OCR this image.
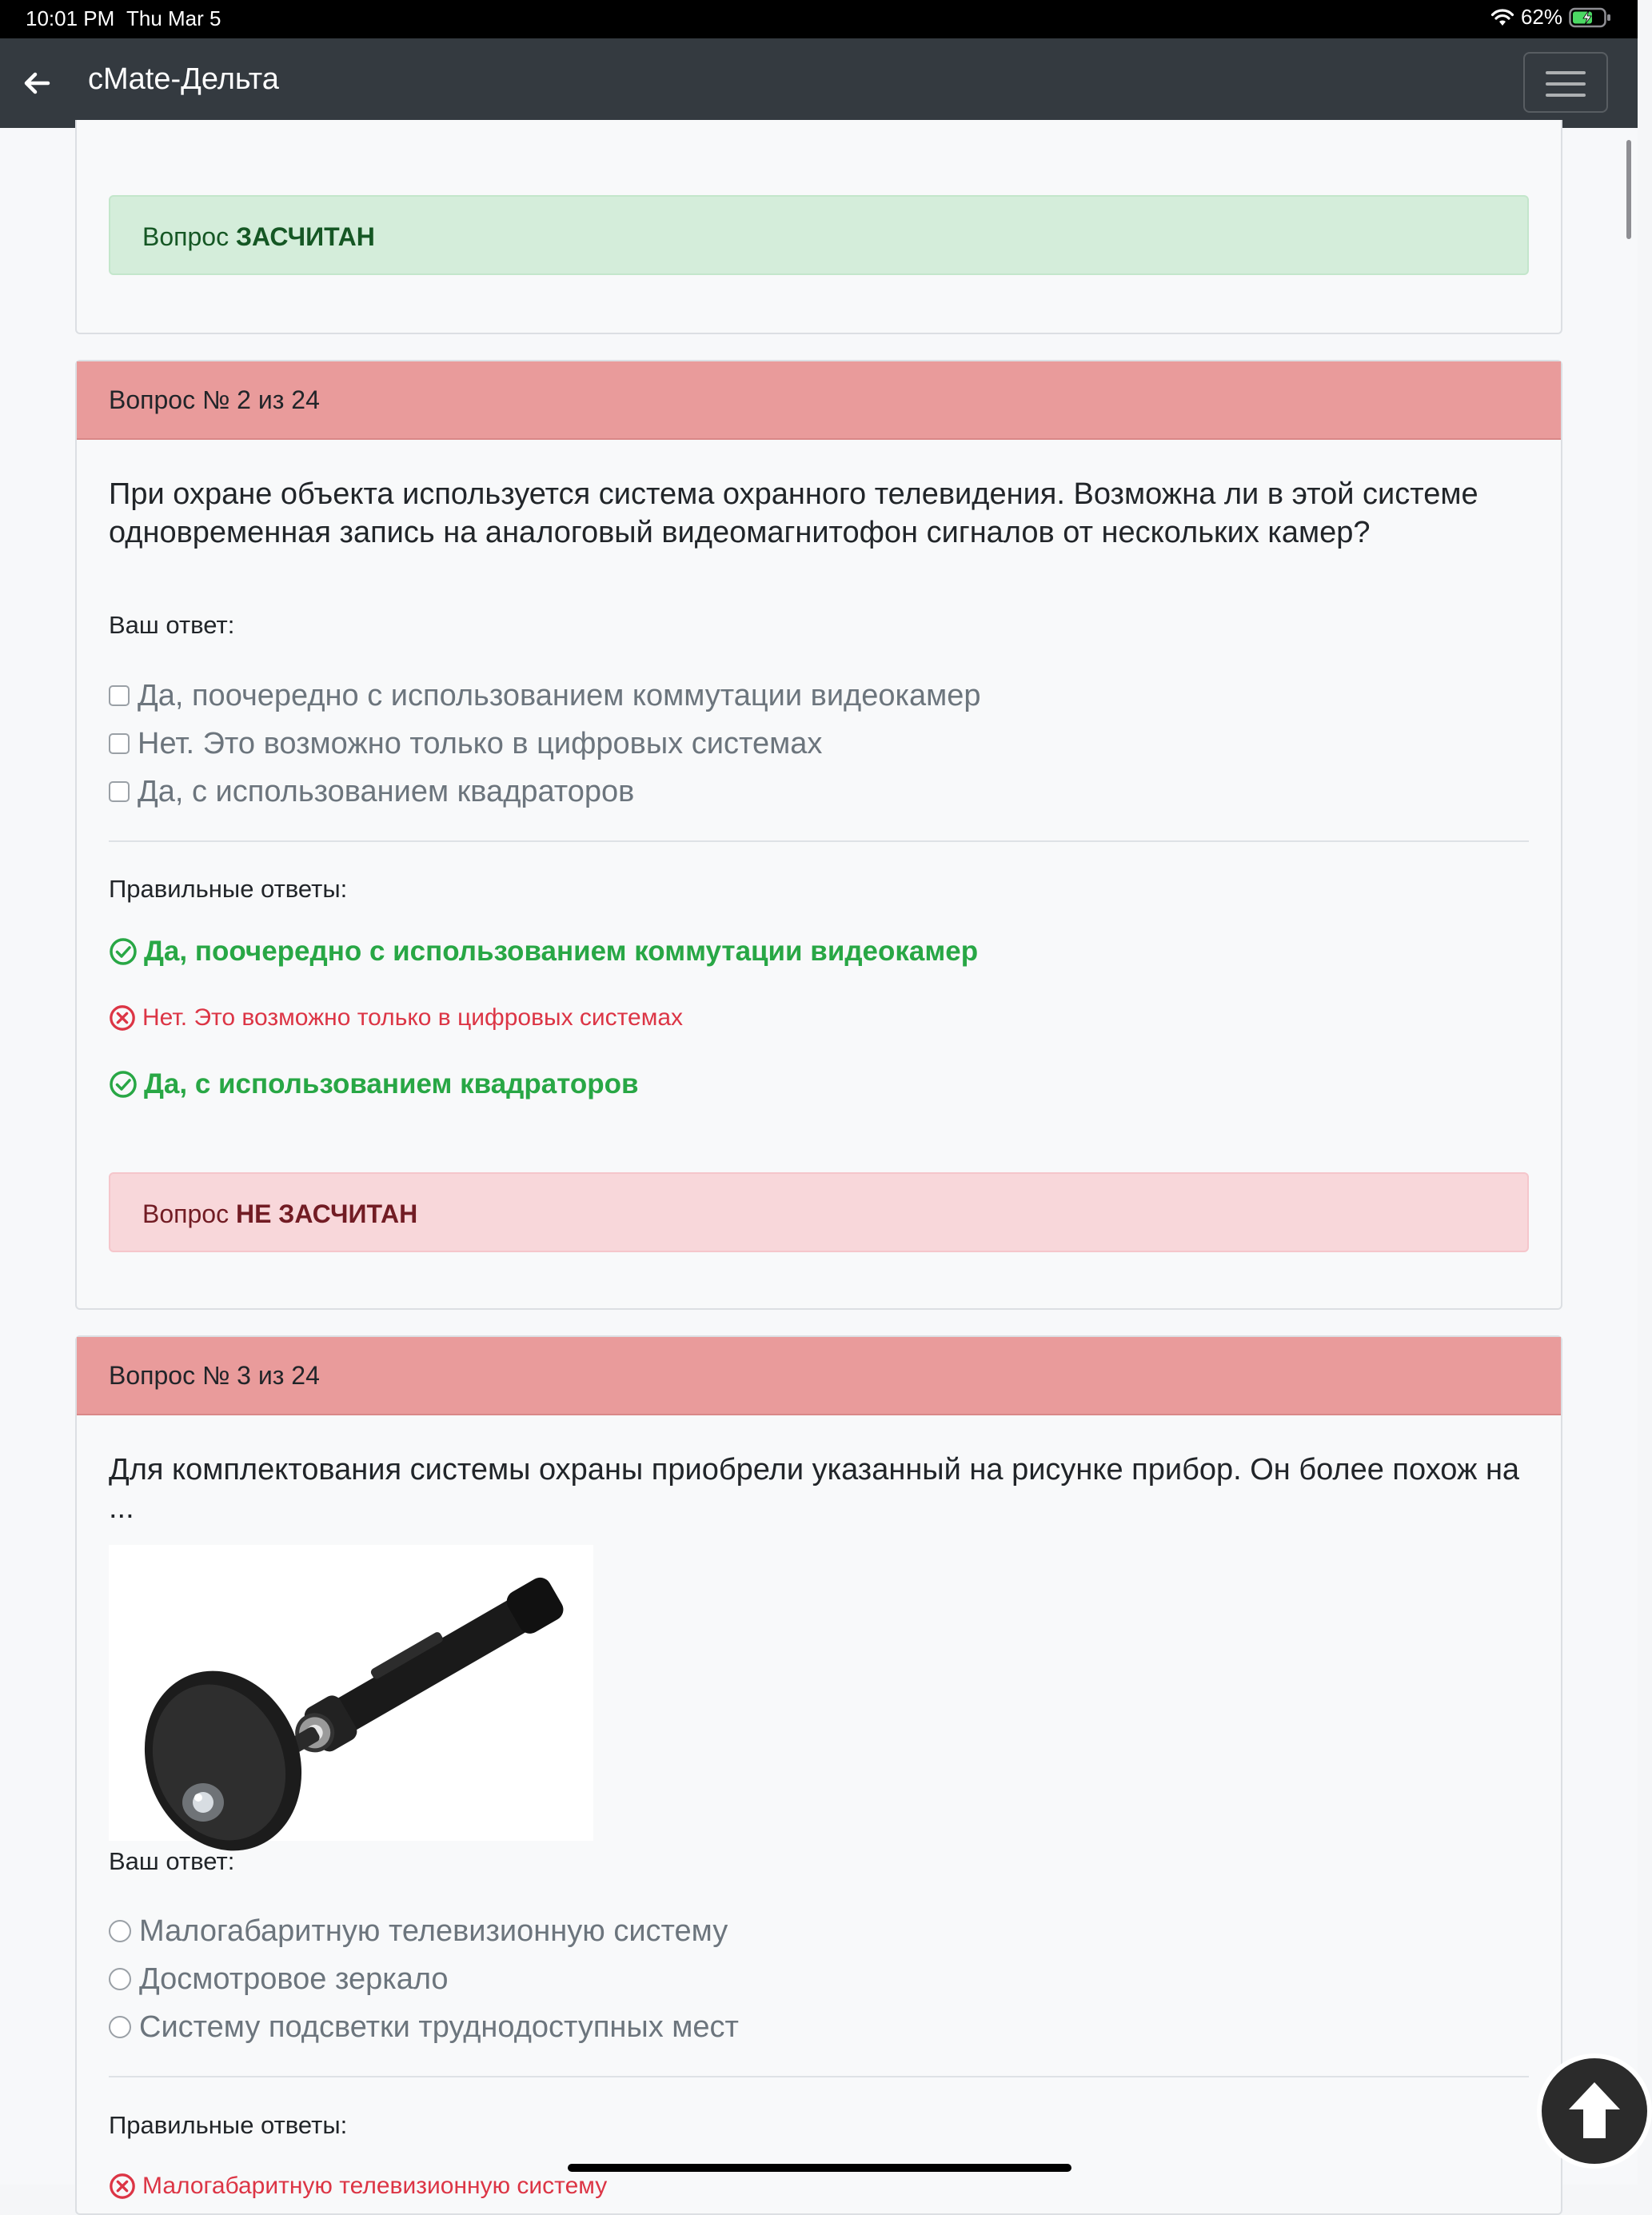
10:01 PM Thu Mar 5	62%
cMate-Дельта
Вопрос ЗАСЧИТАН
Вопрос № 2 из 24
При охране объекта используется система охранного телевидения. Возможна ли в этой системе одновременная запись на аналоговый видеомагнитофон сигналов от нескольких камер?
Ваш ответ:
Да, поочередно с использованием коммутации видеокамер
Нет. Это возможно только в цифровых системах
Да, с использованием квадраторов
Правильные ответы:
Да, поочередно с использованием коммутации видеокамер
Нет. Это возможно только в цифровых системах
Да, с использованием квадраторов
Вопрос НЕ ЗАСЧИТАН
Вопрос № 3 из 24
Для комплектования системы охраны приобрели указанный на рисунке прибор. Он более похож на ...
Ваш ответ:
Малогабаритную телевизионную систему
Досмотровое зеркало
Систему подсветки труднодоступных мест
Правильные ответы:
Малогабаритную телевизионную систему
